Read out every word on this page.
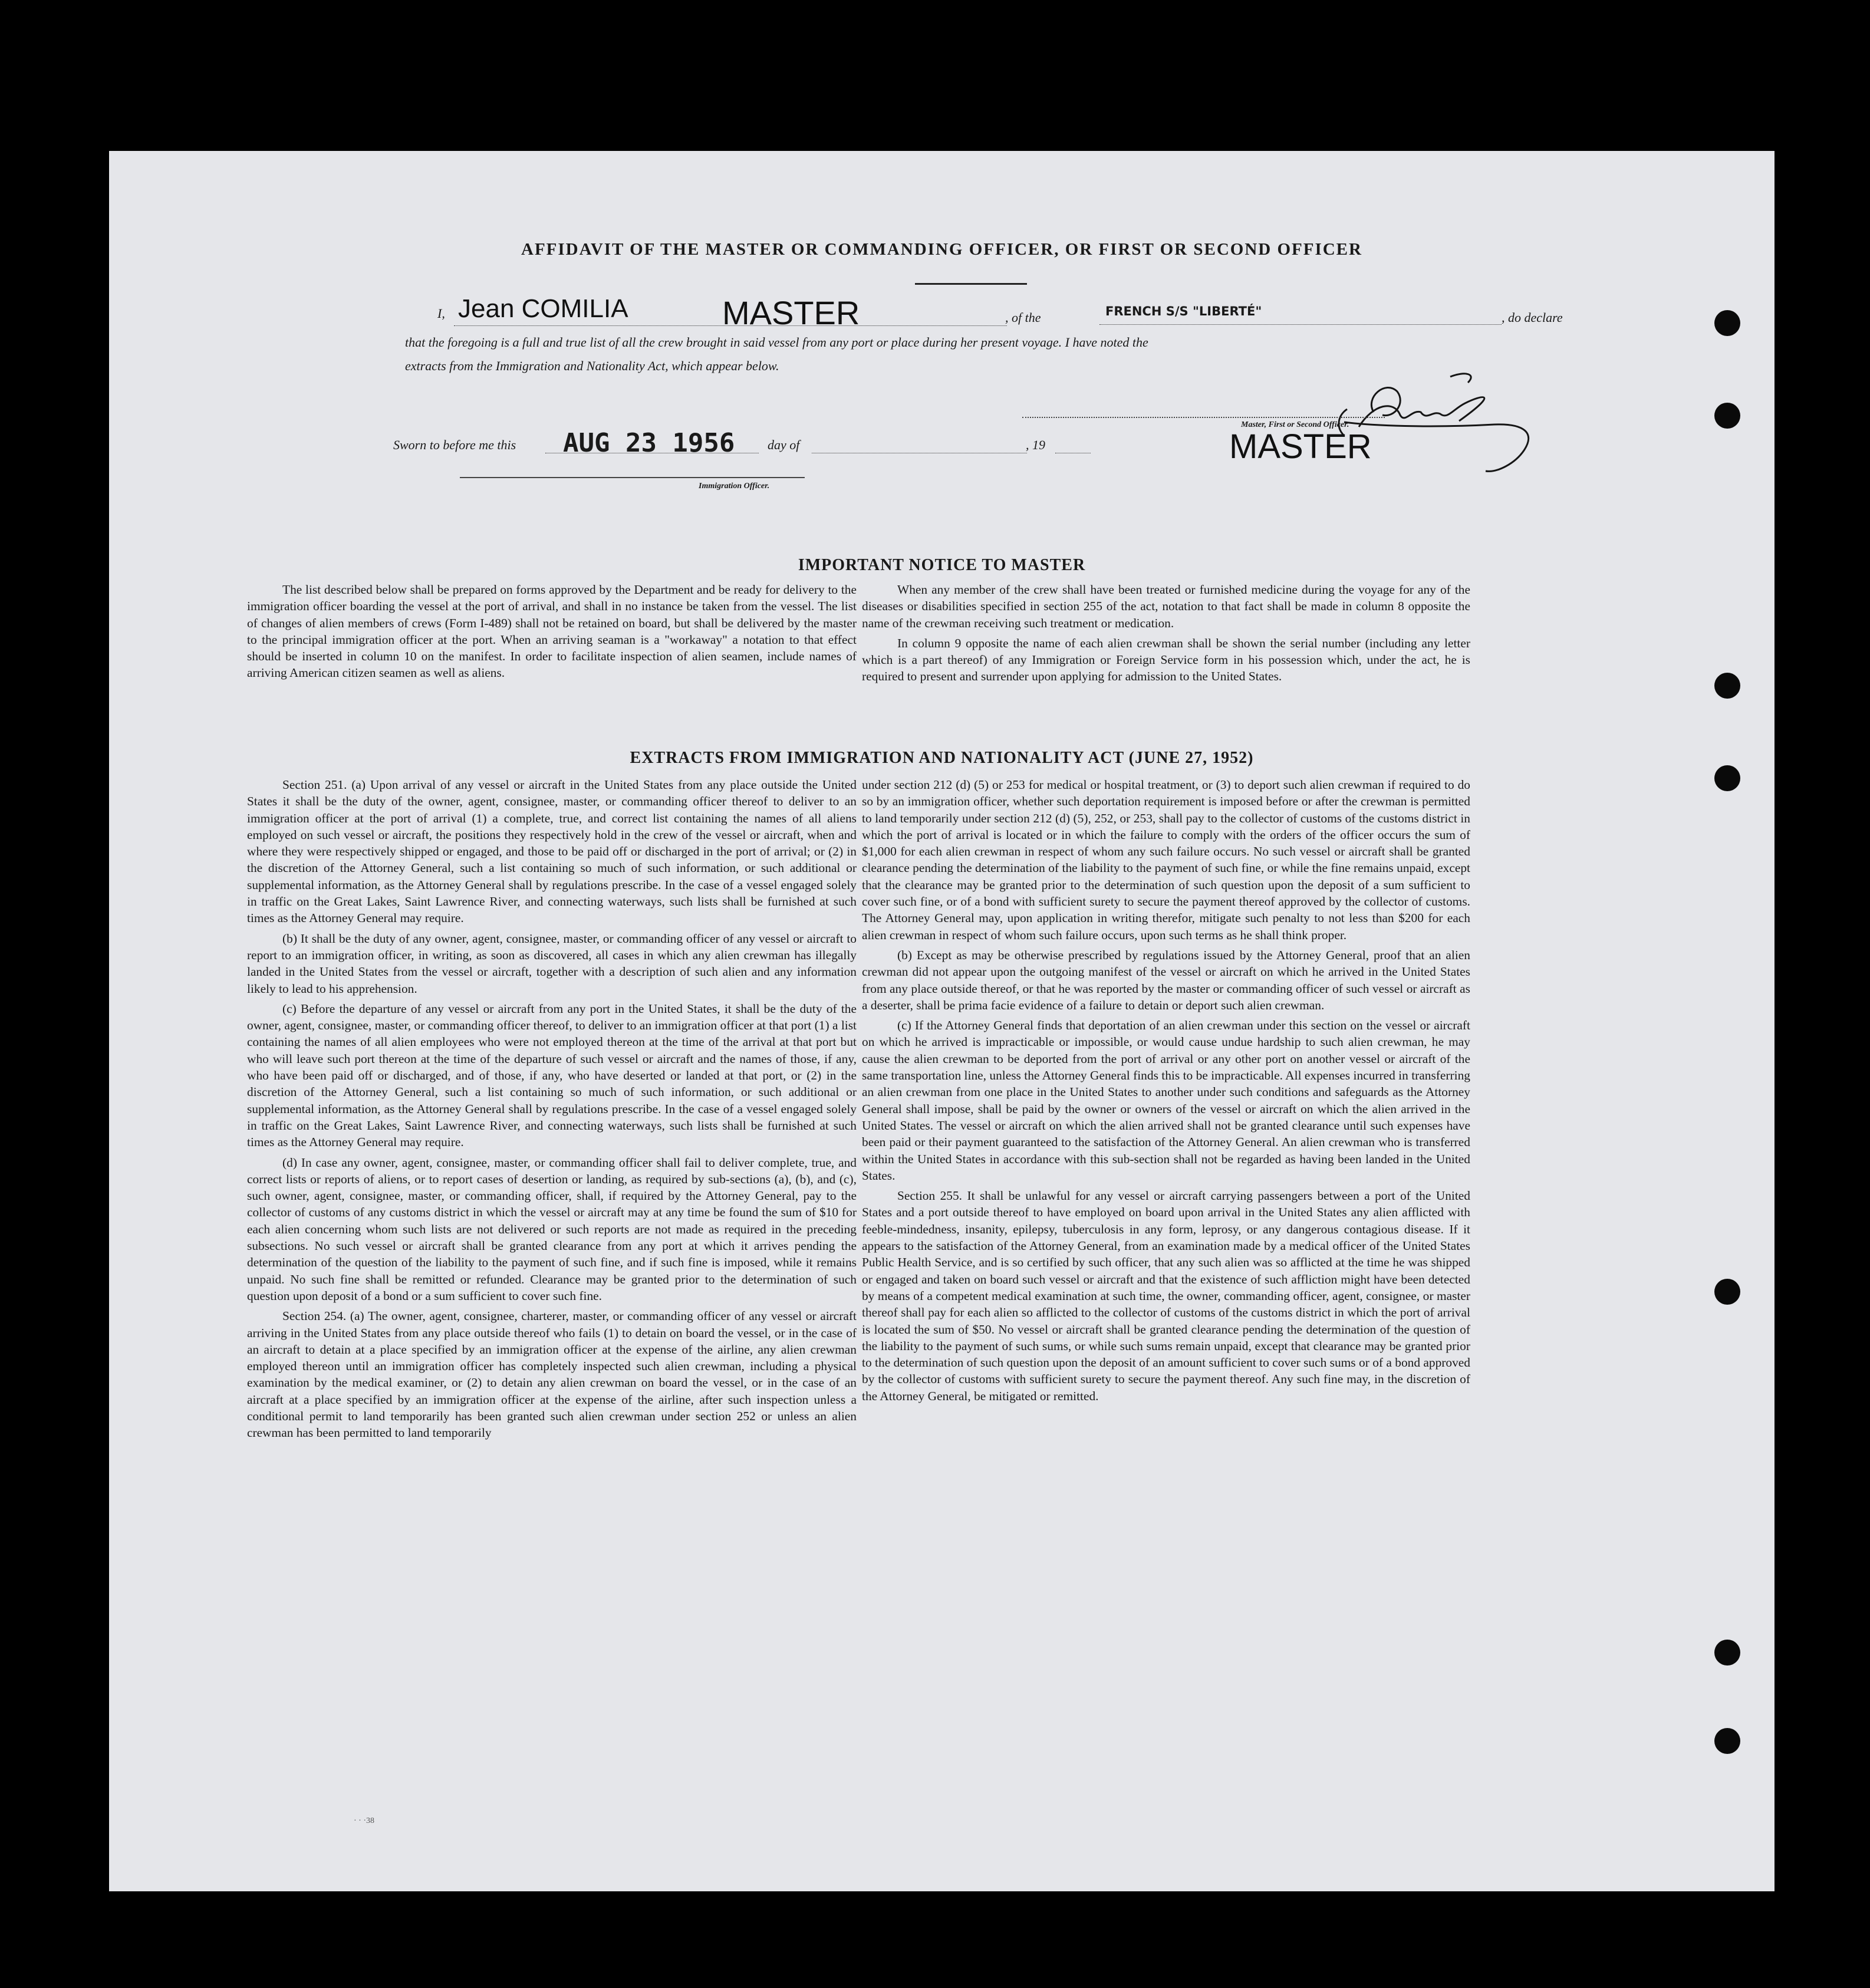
AFFIDAVIT OF THE MASTER OR COMMANDING OFFICER, OR FIRST OR SECOND OFFICER
I, Jean COMILIA	MASTER	, of the	FRENCH S/S "LIBERTÉ"	, do declare
that the foregoing is a full and true list of all the crew brought in said vessel from any port or place during her present voyage. I have noted the
extracts from the Immigration and Nationality Act, which appear below.
Master, First or Second Officer.
MASTER
Sworn to before me this AUG 23 1956	day of	, 19
Immigration Officer.
IMPORTANT NOTICE TO MASTER

The list described below shall be prepared on forms approved by the Department and be ready for delivery to the immigration officer boarding the vessel at the port of arrival, and shall in no instance be taken from the vessel. The list of changes of alien members of crews (Form I-489) shall not be retained on board, but shall be delivered by the master to the principal immigration officer at the port. When an arriving seaman is a "workaway" a notation to that effect should be inserted in column 10 on the manifest. In order to facilitate inspection of alien seamen, include names of arriving American citizen seamen as well as aliens.

When any member of the crew shall have been treated or furnished medicine during the voyage for any of the diseases or disabilities specified in section 255 of the act, notation to that fact shall be made in column 8 opposite the name of the crewman receiving such treatment or medication.

In column 9 opposite the name of each alien crewman shall be shown the serial number (including any letter which is a part thereof) of any Immigration or Foreign Service form in his possession which, under the act, he is required to present and surrender upon applying for admission to the United States.

EXTRACTS FROM IMMIGRATION AND NATIONALITY ACT (JUNE 27, 1952)

Section 251. (a) Upon arrival of any vessel or aircraft in the United States from any place outside the United States it shall be the duty of the owner, agent, consignee, master, or commanding officer thereof to deliver to an immigration officer at the port of arrival (1) a complete, true, and correct list containing the names of all aliens employed on such vessel or aircraft, the positions they respectively hold in the crew of the vessel or aircraft, when and where they were respectively shipped or engaged, and those to be paid off or discharged in the port of arrival; or (2) in the discretion of the Attorney General, such a list containing so much of such information, or such additional or supplemental information, as the Attorney General shall by regulations prescribe. In the case of a vessel engaged solely in traffic on the Great Lakes, Saint Lawrence River, and connecting waterways, such lists shall be furnished at such times as the Attorney General may require.

(b) It shall be the duty of any owner, agent, consignee, master, or commanding officer of any vessel or aircraft to report to an immigration officer, in writing, as soon as discovered, all cases in which any alien crewman has illegally landed in the United States from the vessel or aircraft, together with a description of such alien and any information likely to lead to his apprehension.

(c) Before the departure of any vessel or aircraft from any port in the United States, it shall be the duty of the owner, agent, consignee, master, or commanding officer thereof, to deliver to an immigration officer at that port (1) a list containing the names of all alien employees who were not employed thereon at the time of the arrival at that port but who will leave such port thereon at the time of the departure of such vessel or aircraft and the names of those, if any, who have been paid off or discharged, and of those, if any, who have deserted or landed at that port, or (2) in the discretion of the Attorney General, such a list containing so much of such information, or such additional or supplemental information, as the Attorney General shall by regulations prescribe. In the case of a vessel engaged solely in traffic on the Great Lakes, Saint Lawrence River, and connecting waterways, such lists shall be furnished at such times as the Attorney General may require.

(d) In case any owner, agent, consignee, master, or commanding officer shall fail to deliver complete, true, and correct lists or reports of aliens, or to report cases of desertion or landing, as required by sub-sections (a), (b), and (c), such owner, agent, consignee, master, or commanding officer, shall, if required by the Attorney General, pay to the collector of customs of any customs district in which the vessel or aircraft may at any time be found the sum of $10 for each alien concerning whom such lists are not delivered or such reports are not made as required in the preceding subsections. No such vessel or aircraft shall be granted clearance from any port at which it arrives pending the determination of the question of the liability to the payment of such fine, and if such fine is imposed, while it remains unpaid. No such fine shall be remitted or refunded. Clearance may be granted prior to the determination of such question upon deposit of a bond or a sum sufficient to cover such fine.

Section 254. (a) The owner, agent, consignee, charterer, master, or commanding officer of any vessel or aircraft arriving in the United States from any place outside thereof who fails (1) to detain on board the vessel, or in the case of an aircraft to detain at a place specified by an immigration officer at the expense of the airline, any alien crewman employed thereon until an immigration officer has completely inspected such alien crewman, including a physical examination by the medical examiner, or (2) to detain any alien crewman on board the vessel, or in the case of an aircraft at a place specified by an immigration officer at the expense of the airline, after such inspection unless a conditional permit to land temporarily has been granted such alien crewman under section 252 or unless an alien crewman has been permitted to land temporarily

under section 212 (d) (5) or 253 for medical or hospital treatment, or (3) to deport such alien crewman if required to do so by an immigration officer, whether such deportation requirement is imposed before or after the crewman is permitted to land temporarily under section 212 (d) (5), 252, or 253, shall pay to the collector of customs of the customs district in which the port of arrival is located or in which the failure to comply with the orders of the officer occurs the sum of $1,000 for each alien crewman in respect of whom any such failure occurs. No such vessel or aircraft shall be granted clearance pending the determination of the liability to the payment of such fine, or while the fine remains unpaid, except that the clearance may be granted prior to the determination of such question upon the deposit of a sum sufficient to cover such fine, or of a bond with sufficient surety to secure the payment thereof approved by the collector of customs. The Attorney General may, upon application in writing therefor, mitigate such penalty to not less than $200 for each alien crewman in respect of whom such failure occurs, upon such terms as he shall think proper.

(b) Except as may be otherwise prescribed by regulations issued by the Attorney General, proof that an alien crewman did not appear upon the outgoing manifest of the vessel or aircraft on which he arrived in the United States from any place outside thereof, or that he was reported by the master or commanding officer of such vessel or aircraft as a deserter, shall be prima facie evidence of a failure to detain or deport such alien crewman.

(c) If the Attorney General finds that deportation of an alien crewman under this section on the vessel or aircraft on which he arrived is impracticable or impossible, or would cause undue hardship to such alien crewman, he may cause the alien crewman to be deported from the port of arrival or any other port on another vessel or aircraft of the same transportation line, unless the Attorney General finds this to be impracticable. All expenses incurred in transferring an alien crewman from one place in the United States to another under such conditions and safeguards as the Attorney General shall impose, shall be paid by the owner or owners of the vessel or aircraft on which the alien arrived in the United States. The vessel or aircraft on which the alien arrived shall not be granted clearance until such expenses have been paid or their payment guaranteed to the satisfaction of the Attorney General. An alien crewman who is transferred within the United States in accordance with this sub-section shall not be regarded as having been landed in the United States.

Section 255. It shall be unlawful for any vessel or aircraft carrying passengers between a port of the United States and a port outside thereof to have employed on board upon arrival in the United States any alien afflicted with feeble-mindedness, insanity, epilepsy, tuberculosis in any form, leprosy, or any dangerous contagious disease. If it appears to the satisfaction of the Attorney General, from an examination made by a medical officer of the United States Public Health Service, and is so certified by such officer, that any such alien was so afflicted at the time he was shipped or engaged and taken on board such vessel or aircraft and that the existence of such affliction might have been detected by means of a competent medical examination at such time, the owner, commanding officer, agent, consignee, or master thereof shall pay for each alien so afflicted to the collector of customs of the customs district in which the port of arrival is located the sum of $50. No vessel or aircraft shall be granted clearance pending the determination of the question of the liability to the payment of such sums, or while such sums remain unpaid, except that clearance may be granted prior to the determination of such question upon the deposit of an amount sufficient to cover such sums or of a bond approved by the collector of customs with sufficient surety to secure the payment thereof. Any such fine may, in the discretion of the Attorney General, be mitigated or remitted.

· · ·38
